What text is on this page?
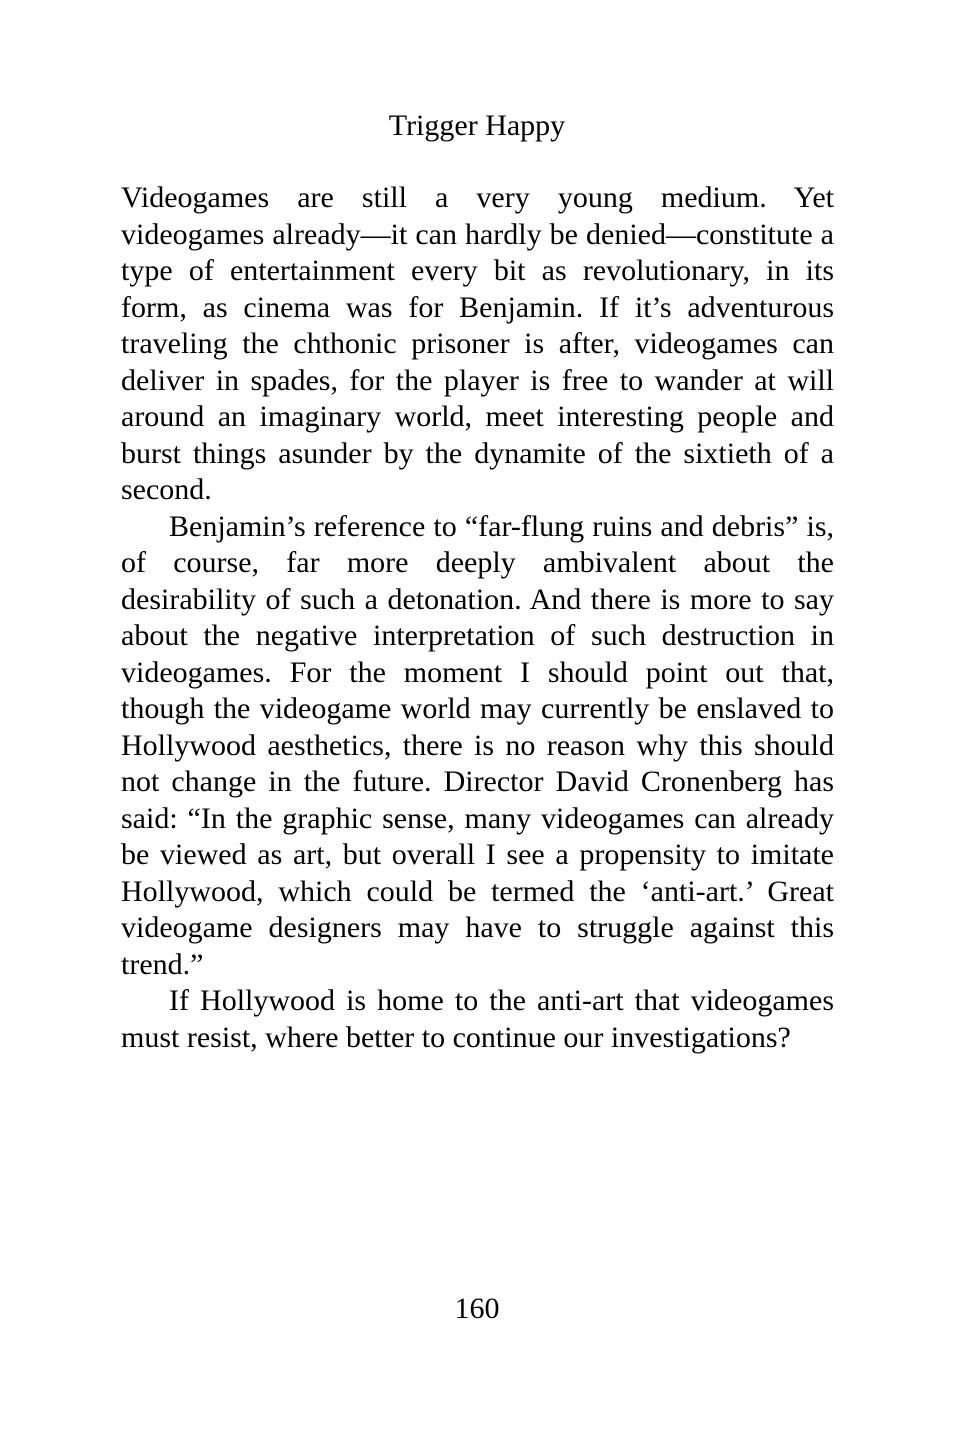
Trigger Happy

Videogames are still a very young medium. Yet videogames already—it can hardly be denied—constitute a type of entertainment every bit as revolutionary, in its form, as cinema was for Benjamin. If it’s adventurous traveling the chthonic prisoner is after, videogames can deliver in spades, for the player is free to wander at will around an imaginary world, meet interesting people and burst things asunder by the dynamite of the sixtieth of a second.

Benjamin’s reference to “far-flung ruins and debris” is, of course, far more deeply ambivalent about the desirability of such a detonation. And there is more to say about the negative interpretation of such destruction in videogames. For the moment I should point out that, though the videogame world may currently be enslaved to Hollywood aesthetics, there is no reason why this should not change in the future. Director David Cronenberg has said: “In the graphic sense, many videogames can already be viewed as art, but overall I see a propensity to imitate Hollywood, which could be termed the ‘anti-art.’ Great videogame designers may have to struggle against this trend.”

If Hollywood is home to the anti-art that videogames must resist, where better to continue our investigations?

160
